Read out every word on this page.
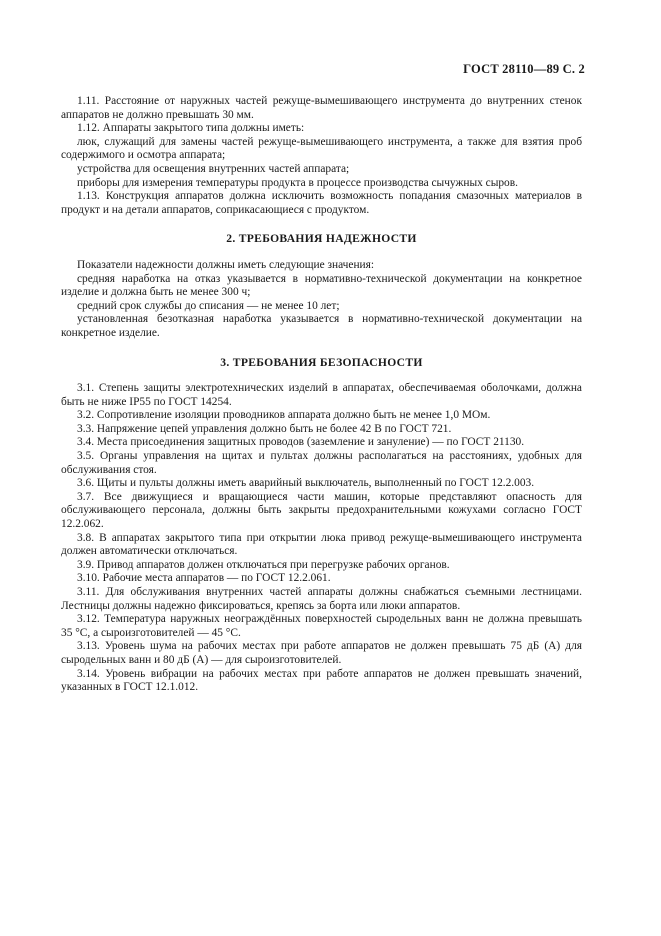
ГОСТ 28110—89 С. 2

1.11. Расстояние от наружных частей режуще-вымешивающего инструмента до внутренних стенок аппаратов не должно превышать 30 мм.

1.12. Аппараты закрытого типа должны иметь:

люк, служащий для замены частей режуще-вымешивающего инструмента, а также для взятия проб содержимого и осмотра аппарата;

устройства для освещения внутренних частей аппарата;

приборы для измерения температуры продукта в процессе производства сычужных сыров.

1.13. Конструкция аппаратов должна исключить возможность попадания смазочных материалов в продукт и на детали аппаратов, соприкасающиеся с продуктом.

2. ТРЕБОВАНИЯ НАДЕЖНОСТИ

Показатели надежности должны иметь следующие значения:

средняя наработка на отказ указывается в нормативно-технической документации на конкретное изделие и должна быть не менее 300 ч;

средний срок службы до списания — не менее 10 лет;

установленная безотказная наработка указывается в нормативно-технической документации на конкретное изделие.

3. ТРЕБОВАНИЯ БЕЗОПАСНОСТИ

3.1. Степень защиты электротехнических изделий в аппаратах, обеспечиваемая оболочками, должна быть не ниже IP55 по ГОСТ 14254.

3.2. Сопротивление изоляции проводников аппарата должно быть не менее 1,0 МОм.

3.3. Напряжение цепей управления должно быть не более 42 В по ГОСТ 721.

3.4. Места присоединения защитных проводов (заземление и зануление) — по ГОСТ 21130.

3.5. Органы управления на щитах и пультах должны располагаться на расстояниях, удобных для обслуживания стоя.

3.6. Щиты и пульты должны иметь аварийный выключатель, выполненный по ГОСТ 12.2.003.

3.7. Все движущиеся и вращающиеся части машин, которые представляют опасность для обслуживающего персонала, должны быть закрыты предохранительными кожухами согласно ГОСТ 12.2.062.

3.8. В аппаратах закрытого типа при открытии люка привод режуще-вымешивающего инструмента должен автоматически отключаться.

3.9. Привод аппаратов должен отключаться при перегрузке рабочих органов.

3.10. Рабочие места аппаратов — по ГОСТ 12.2.061.

3.11. Для обслуживания внутренних частей аппараты должны снабжаться съемными лестницами. Лестницы должны надежно фиксироваться, крепясь за борта или люки аппаратов.

3.12. Температура наружных неограждённых поверхностей сыродельных ванн не должна превышать 35 °С, а сыроизготовителей — 45 °С.

3.13. Уровень шума на рабочих местах при работе аппаратов не должен превышать 75 дБ (А) для сыродельных ванн и 80 дБ (А) — для сыроизготовителей.

3.14. Уровень вибрации на рабочих местах при работе аппаратов не должен превышать значений, указанных в ГОСТ 12.1.012.
